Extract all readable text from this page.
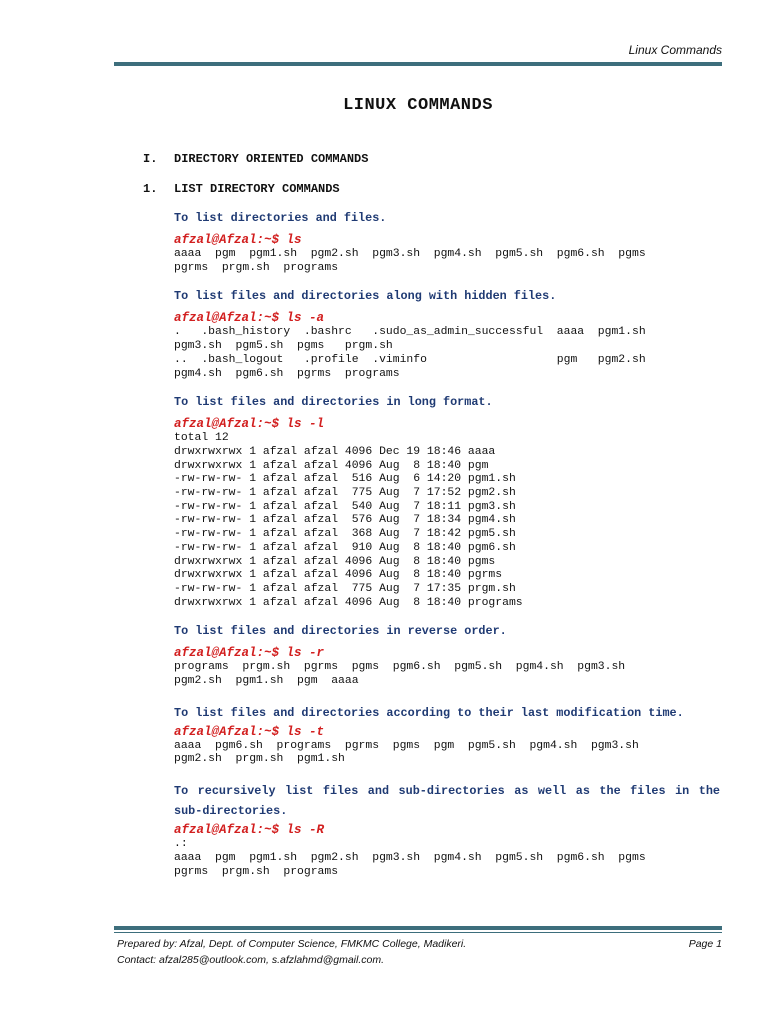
Linux Commands
LINUX COMMANDS
I. DIRECTORY ORIENTED COMMANDS
1. LIST DIRECTORY COMMANDS

To list directories and files.

afzal@Afzal:~$ ls

aaaa  pgm  pgm1.sh  pgm2.sh  pgm3.sh  pgm4.sh  pgm5.sh  pgm6.sh  pgms
pgrms  prgm.sh  programs

To list files and directories along with hidden files.

afzal@Afzal:~$ ls -a

.   .bash_history  .bashrc   .sudo_as_admin_successful  aaaa  pgm1.sh
pgm3.sh  pgm5.sh  pgms   prgm.sh
..  .bash_logout   .profile  .viminfo                   pgm   pgm2.sh
pgm4.sh  pgm6.sh  pgrms  programs

To list files and directories in long format.

afzal@Afzal:~$ ls -l

total 12
drwxrwxrwx 1 afzal afzal 4096 Dec 19 18:46 aaaa
drwxrwxrwx 1 afzal afzal 4096 Aug  8 18:40 pgm
-rw-rw-rw- 1 afzal afzal  516 Aug  6 14:20 pgm1.sh
-rw-rw-rw- 1 afzal afzal  775 Aug  7 17:52 pgm2.sh
-rw-rw-rw- 1 afzal afzal  540 Aug  7 18:11 pgm3.sh
-rw-rw-rw- 1 afzal afzal  576 Aug  7 18:34 pgm4.sh
-rw-rw-rw- 1 afzal afzal  368 Aug  7 18:42 pgm5.sh
-rw-rw-rw- 1 afzal afzal  910 Aug  8 18:40 pgm6.sh
drwxrwxrwx 1 afzal afzal 4096 Aug  8 18:40 pgms
drwxrwxrwx 1 afzal afzal 4096 Aug  8 18:40 pgrms
-rw-rw-rw- 1 afzal afzal  775 Aug  7 17:35 prgm.sh
drwxrwxrwx 1 afzal afzal 4096 Aug  8 18:40 programs

To list files and directories in reverse order.

afzal@Afzal:~$ ls -r

programs  prgm.sh  pgrms  pgms  pgm6.sh  pgm5.sh  pgm4.sh  pgm3.sh
pgm2.sh  pgm1.sh  pgm  aaaa

To list files and directories according to their last modification time.

afzal@Afzal:~$ ls -t

aaaa  pgm6.sh  programs  pgrms  pgms  pgm  pgm5.sh  pgm4.sh  pgm3.sh
pgm2.sh  prgm.sh  pgm1.sh

To recursively list files and sub-directories as well as the files in the sub-directories.

afzal@Afzal:~$ ls -R

.:
aaaa  pgm  pgm1.sh  pgm2.sh  pgm3.sh  pgm4.sh  pgm5.sh  pgm6.sh  pgms
pgrms  prgm.sh  programs

Prepared by: Afzal, Dept. of Computer Science, FMKMC College, Madikeri.	Page 1
Contact: afzal285@outlook.com, s.afzlahmd@gmail.com.
